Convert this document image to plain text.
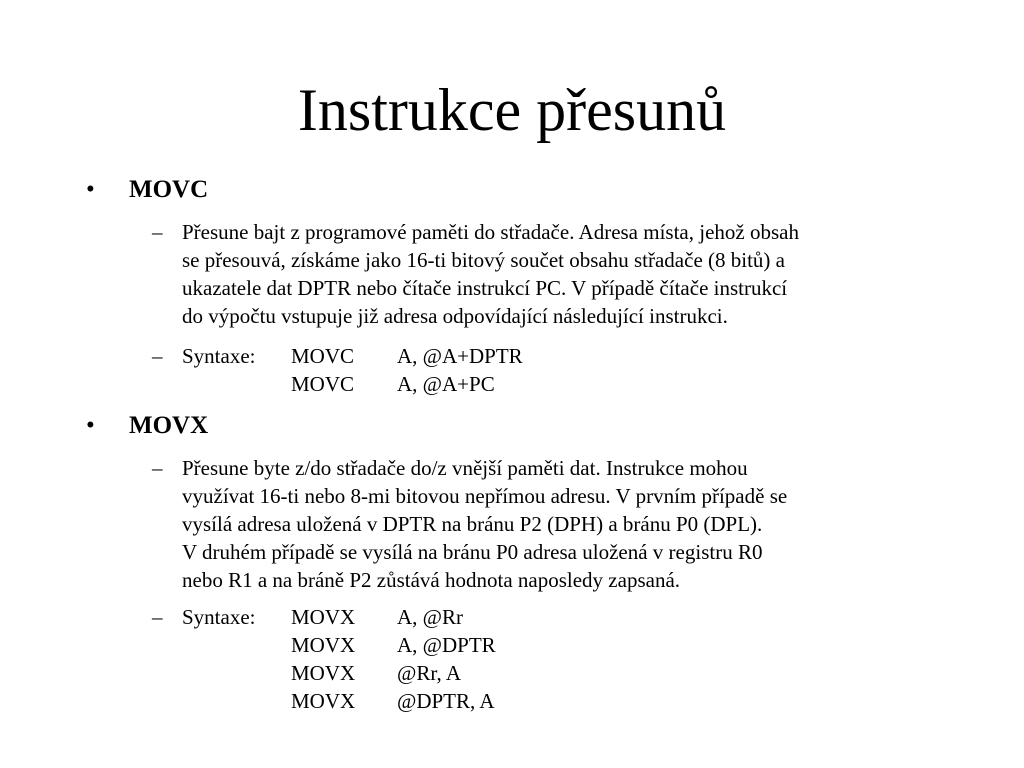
Instrukce přesunů
• MOVC
– Přesune bajt z programové paměti do střadače. Adresa místa, jehož obsah
se přesouvá, získáme jako 16-ti bitový součet obsahu střadače (8 bitů) a
ukazatele dat DPTR nebo čítače instrukcí PC. V případě čítače instrukcí
do výpočtu vstupuje již adresa odpovídající následující instrukci.
– Syntaxe: MOVC A, @A+DPTR
MOVC A, @A+PC
• MOVX
– Přesune byte z/do střadače do/z vnější paměti dat. Instrukce mohou
využívat 16-ti nebo 8-mi bitovou nepřímou adresu. V prvním případě se
vysílá adresa uložená v DPTR na bránu P2 (DPH) a bránu P0 (DPL).
V druhém případě se vysílá na bránu P0 adresa uložená v registru R0
nebo R1 a na bráně P2 zůstává hodnota naposledy zapsaná.
– Syntaxe: MOVX A, @Rr
MOVX A, @DPTR
MOVX @Rr, A
MOVX @DPTR, A
